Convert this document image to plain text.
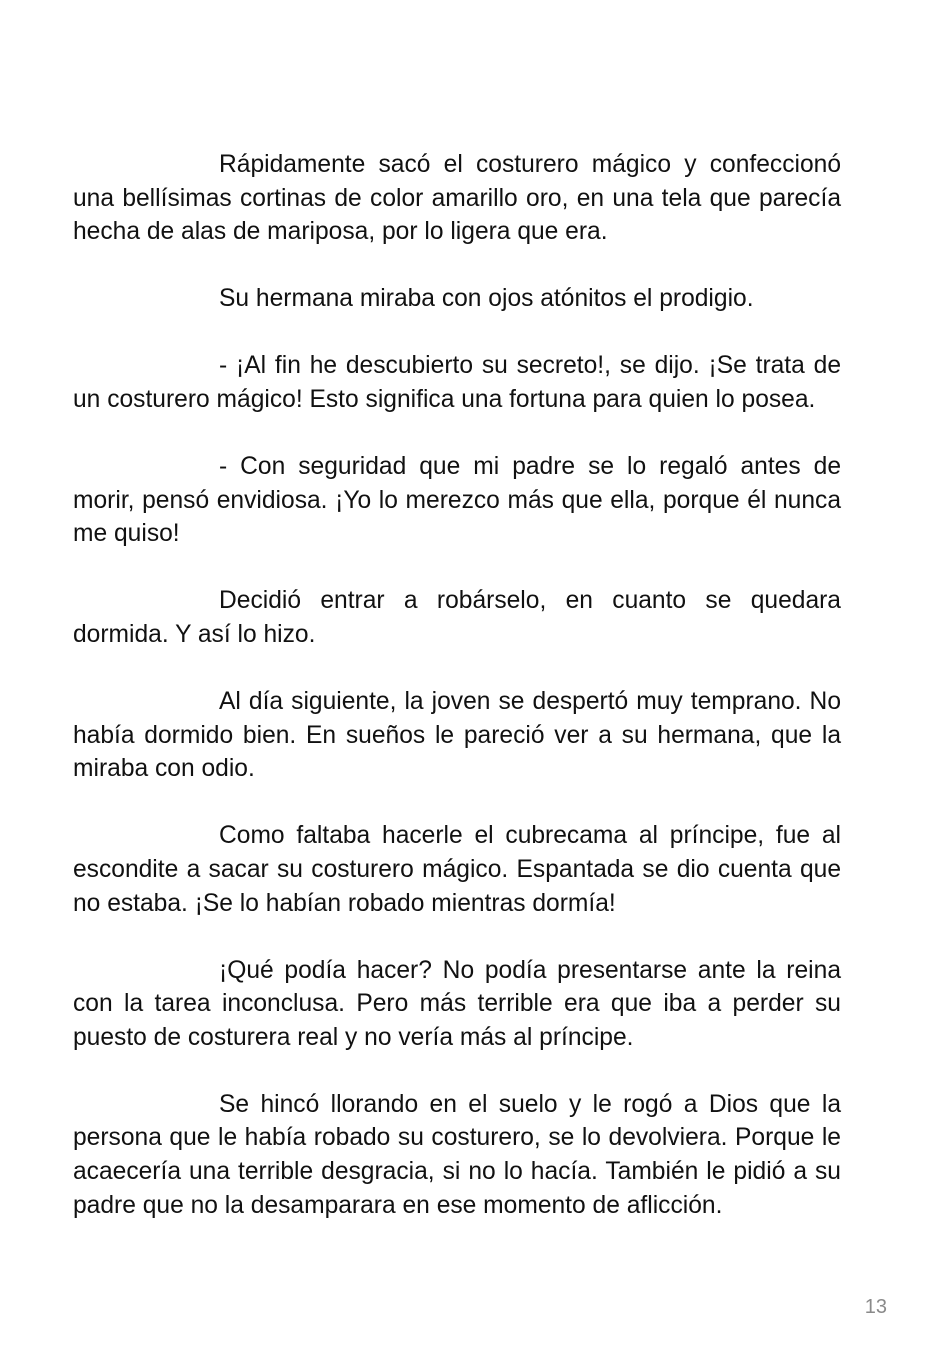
Rápidamente sacó el costurero mágico y confeccionó una bellísimas cortinas de color amarillo oro, en una tela que parecía hecha de alas de mariposa, por lo ligera que era.

Su hermana miraba con ojos atónitos el prodigio.

- ¡Al fin he descubierto su secreto!, se dijo. ¡Se trata de un costurero mágico! Esto significa una fortuna para quien lo posea.

- Con seguridad que mi padre se lo regaló antes de morir, pensó envidiosa. ¡Yo lo merezco más que ella, porque él nunca me quiso!

Decidió entrar a robárselo, en cuanto se quedara dormida. Y así lo hizo.

Al día siguiente, la joven se despertó muy temprano. No había dormido bien. En sueños le pareció ver a su hermana, que la miraba con odio.

Como faltaba hacerle el cubrecama al príncipe, fue al escondite a sacar su costurero mágico. Espantada se dio cuenta que no estaba. ¡Se lo habían robado mientras dormía!

¡Qué podía hacer? No podía presentarse ante la reina con la tarea inconclusa. Pero más terrible era que iba a perder su puesto de costurera real y no vería más al príncipe.

Se hincó llorando en el suelo y le rogó a Dios que la persona que le había robado su costurero, se lo devolviera. Porque le acaecería una terrible desgracia, si no lo hacía. También le pidió a su padre que no la desamparara en ese momento de aflicción.

13
